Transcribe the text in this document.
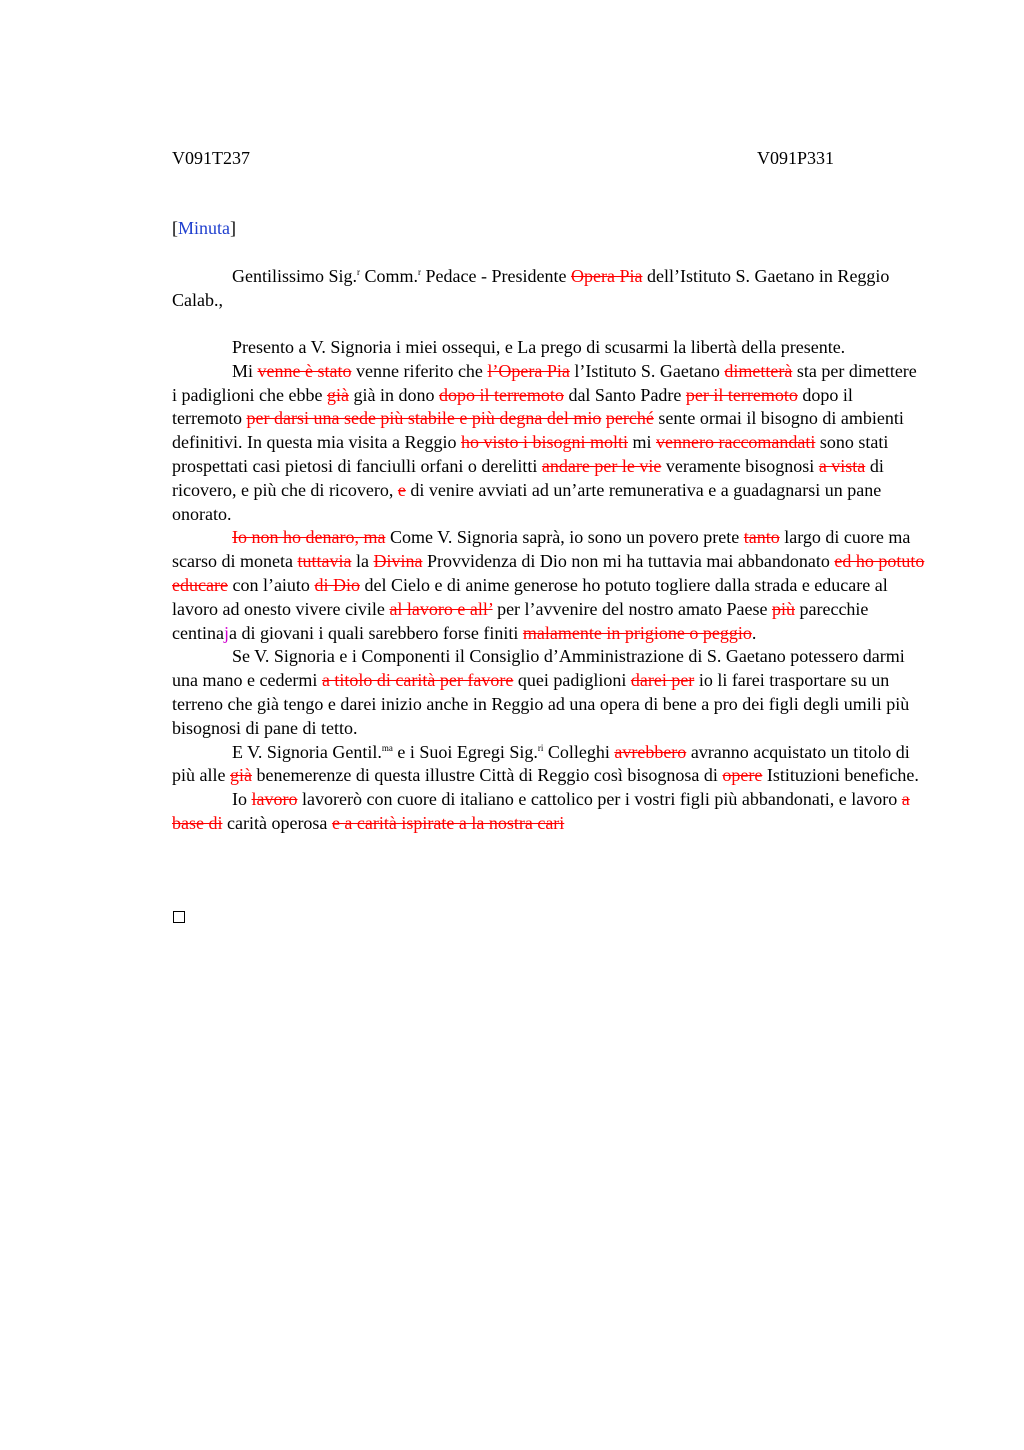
V091T237	V091P331

[Minuta]

Gentilissimo Sig.$^r$ Comm.$^r$ Pedace - Presidente Opera Pia dell’Istituto S. Gaetano in Reggio Calab.,

Presento a V. Signoria i miei ossequi, e La prego di scusarmi la libertà della presente.

Mi venne è stato venne riferito che l’Opera Pia l’Istituto S. Gaetano dimetterà sta per dimettere i padiglioni che ebbe già già in dono dopo il terremoto dal Santo Padre per il terremoto dopo il terremoto per darsi una sede più stabile e più degna del mio perché sente ormai il bisogno di ambienti definitivi. In questa mia visita a Reggio ho visto i bisogni molti mi vennero raccomandati sono stati prospettati casi pietosi di fanciulli orfani o derelitti andare per le vie veramente bisognosi a vista di ricovero, e più che di ricovero, e di venire avviati ad un’arte remunerativa e a guadagnarsi un pane onorato.

Io non ho denaro, ma Come V. Signoria saprà, io sono un povero prete tanto largo di cuore ma scarso di moneta tuttavia la Divina Provvidenza di Dio non mi ha tuttavia mai abbandonato ed ho potuto educare con l’aiuto di Dio del Cielo e di anime generose ho potuto togliere dalla strada e educare al lavoro ad onesto vivere civile al lavoro e all’ per l’avvenire del nostro amato Paese più parecchie centinaja di giovani i quali sarebbero forse finiti malamente in prigione o peggio.

Se V. Signoria e i Componenti il Consiglio d’Amministrazione di S. Gaetano potessero darmi una mano e cedermi a titolo di carità per favore quei padiglioni darei per io li farei trasportare su un terreno che già tengo e darei inizio anche in Reggio ad una opera di bene a pro dei figli degli umili più bisognosi di pane di tetto.

E V. Signoria Gentil.$^{ma}$ e i Suoi Egregi Sig.$^{ri}$ Colleghi avrebbero avranno acquistato un titolo di più alle già benemerenze di questa illustre Città di Reggio così bisognosa di opere Istituzioni benefiche.

Io lavoro lavorerò con cuore di italiano e cattolico per i vostri figli più abbandonati, e lavoro a base di carità operosa e a carità ispirate a la nostra cari
